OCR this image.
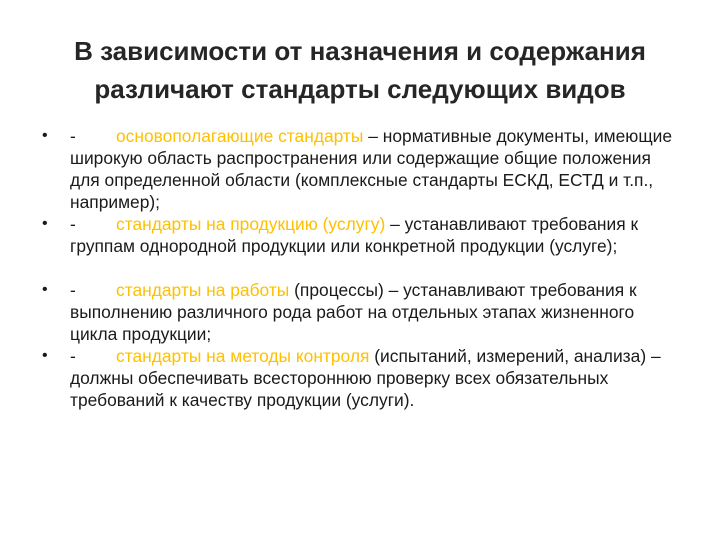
В зависимости от назначения и содержания
различают стандарты следующих видов
• - основополагающие стандарты – нормативные документы, имеющие широкую область распространения или содержащие общие положения для определенной области (комплексные стандарты ЕСКД, ЕСТД и т.п., например);
• - стандарты на продукцию (услугу) – устанавливают требования к группам однородной продукции или конкретной продукции (услуге);
• - стандарты на работы (процессы) – устанавливают требования к выполнению различного рода работ на отдельных этапах жизненного цикла продукции;
• - стандарты на методы контроля (испытаний, измерений, анализа) – должны обеспечивать всестороннюю проверку всех обязательных требований к качеству продукции (услуги).
